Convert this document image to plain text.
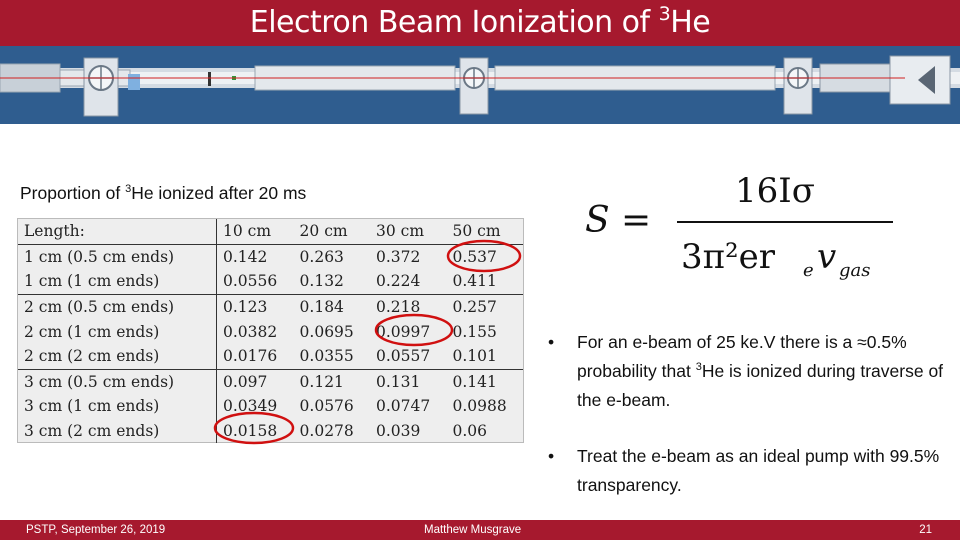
Electron Beam Ionization of $^3$He
Proportion of $^3$He ionized after 20 ms
Length:	10 cm	20 cm	30 cm	50 cm
1 cm (0.5 cm ends)	0.142	0.263	0.372	0.537
1 cm (1 cm ends)	0.0556	0.132	0.224	0.411
2 cm (0.5 cm ends)	0.123	0.184	0.218	0.257
2 cm (1 cm ends)	0.0382	0.0695	0.0997	0.155
2 cm (2 cm ends)	0.0176	0.0355	0.0557	0.101
3 cm (0.5 cm ends)	0.097	0.121	0.131	0.141
3 cm (1 cm ends)	0.0349	0.0576	0.0747	0.0988
3 cm (2 cm ends)	0.0158	0.0278	0.039	0.06
S =
16Iσ
3π²er e v gas
• For an e-beam of 25 ke.V there is a ≈0.5% probability that $^3$He is ionized during traverse of the e-beam.
• Treat the e-beam as an ideal pump with 99.5% transparency.
PSTP, September 26, 2019	Matthew Musgrave	21
